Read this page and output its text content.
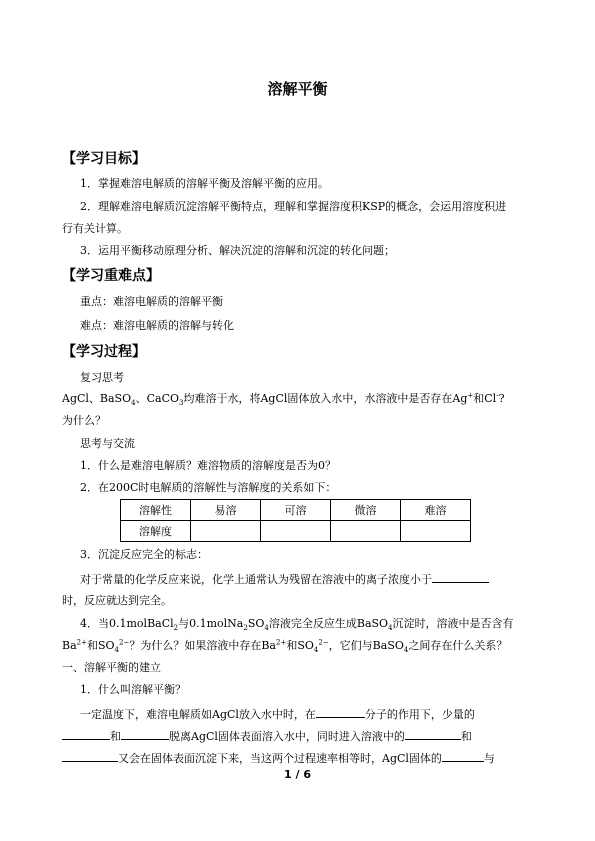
溶解平衡
【学习目标】
1．掌握难溶电解质的溶解平衡及溶解平衡的应用。
2．理解难溶电解质沉淀溶解平衡特点，理解和掌握溶度积KSP的概念，会运用溶度积进
行有关计算。
3．运用平衡移动原理分析、解决沉淀的溶解和沉淀的转化问题；
【学习重难点】
重点：难溶电解质的溶解平衡
难点：难溶电解质的溶解与转化
【学习过程】
复习思考
AgCl、BaSO$_4$、CaCO$_3$均难溶于水，将AgCl固体放入水中，水溶液中是否存在Ag+和Cl-?
为什么？
思考与交流
1．什么是难溶电解质？难溶物质的溶解度是否为0？
2．在200C时电解质的溶解性与溶解度的关系如下：
溶解性	易溶	可溶	微溶	难溶
溶解度				
3．沉淀反应完全的标志：
对于常量的化学反应来说，化学上通常认为残留在溶液中的离子浓度小于
时，反应就达到完全。
4．当0.1molBaCl$_2$与$0.1molNa_2SO_4$溶液完全反应生成BaSO$_4$沉淀时，溶液中是否含有
$Ba^{2+}$和$SO_4^{2-}$？为什么？如果溶液中存在$Ba^{2+}$和$SO_4^{2-}$，它们与BaSO$_4$之间存在什么关系？
一、溶解平衡的建立
1．什么叫溶解平衡？
一定温度下，难溶电解质如AgCl放入水中时，在	分子的作用下，少量的
和	脱离AgCl固体表面溶入水中，同时进入溶液中的	和
又会在固体表面沉淀下来，当这两个过程速率相等时，AgCl固体的	与
1 / 6
